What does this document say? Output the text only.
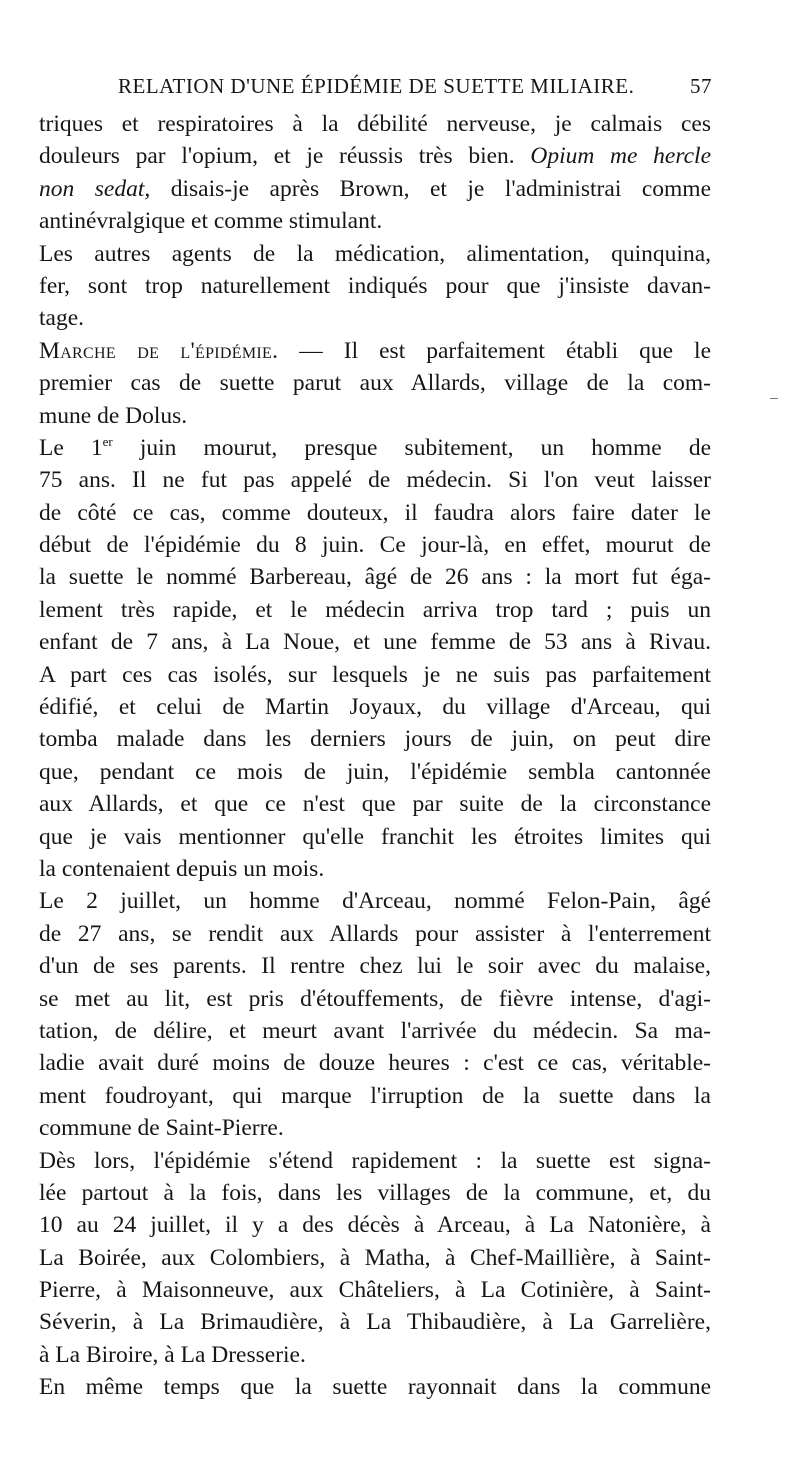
RELATION D'UNE ÉPIDÉMIE DE SUETTE MILIAIRE.	57
triques et respiratoires à la débilité nerveuse, je calmais ces
douleurs par l'opium, et je réussis très bien. Opium me hercle
non sedat, disais-je après Brown, et je l'administrai comme
antinévralgique et comme stimulant.
Les autres agents de la médication, alimentation, quinquina,
fer, sont trop naturellement indiqués pour que j'insiste davan-
tage.
Marche de l'épidémie. — Il est parfaitement établi que le
premier cas de suette parut aux Allards, village de la com-
mune de Dolus.
Le 1er juin mourut, presque subitement, un homme de
75 ans. Il ne fut pas appelé de médecin. Si l'on veut laisser
de côté ce cas, comme douteux, il faudra alors faire dater le
début de l'épidémie du 8 juin. Ce jour-là, en effet, mourut de
la suette le nommé Barbereau, âgé de 26 ans : la mort fut éga-
lement très rapide, et le médecin arriva trop tard ; puis un
enfant de 7 ans, à La Noue, et une femme de 53 ans à Rivau.
A part ces cas isolés, sur lesquels je ne suis pas parfaitement
édifié, et celui de Martin Joyaux, du village d'Arceau, qui
tomba malade dans les derniers jours de juin, on peut dire
que, pendant ce mois de juin, l'épidémie sembla cantonnée
aux Allards, et que ce n'est que par suite de la circonstance
que je vais mentionner qu'elle franchit les étroites limites qui
la contenaient depuis un mois.
Le 2 juillet, un homme d'Arceau, nommé Felon-Pain, âgé
de 27 ans, se rendit aux Allards pour assister à l'enterrement
d'un de ses parents. Il rentre chez lui le soir avec du malaise,
se met au lit, est pris d'étouffements, de fièvre intense, d'agi-
tation, de délire, et meurt avant l'arrivée du médecin. Sa ma-
ladie avait duré moins de douze heures : c'est ce cas, véritable-
ment foudroyant, qui marque l'irruption de la suette dans la
commune de Saint-Pierre.
Dès lors, l'épidémie s'étend rapidement : la suette est signa-
lée partout à la fois, dans les villages de la commune, et, du
10 au 24 juillet, il y a des décès à Arceau, à La Natonière, à
La Boirée, aux Colombiers, à Matha, à Chef-Maillière, à Saint-
Pierre, à Maisonneuve, aux Châteliers, à La Cotinière, à Saint-
Séverin, à La Brimaudière, à La Thibaudière, à La Garrelière,
à La Biroire, à La Dresserie.
En même temps que la suette rayonnait dans la commune
